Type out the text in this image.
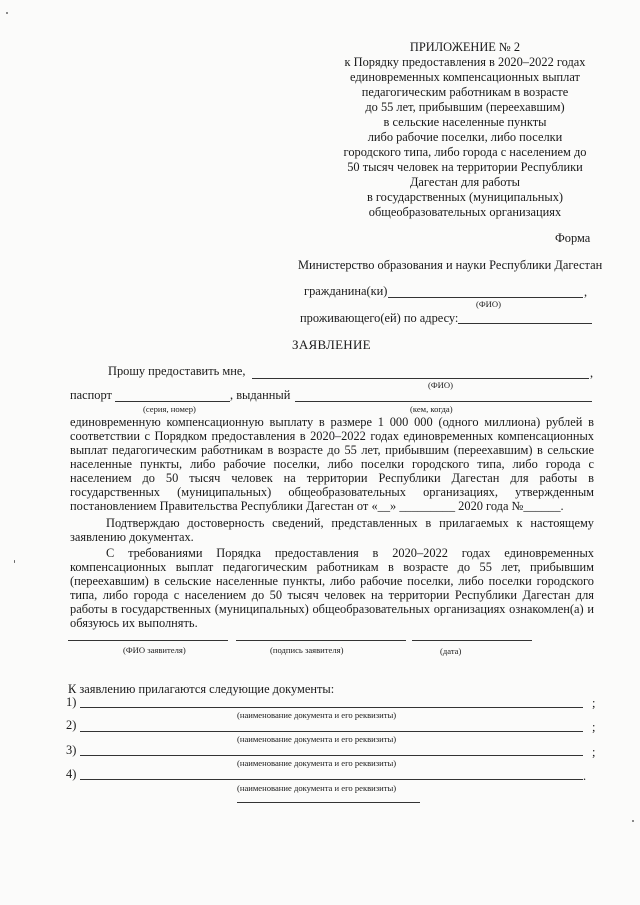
ПРИЛОЖЕНИЕ № 2
к Порядку предоставления в 2020–2022 годах
единовременных компенсационных выплат
педагогическим работникам в возрасте
до 55 лет, прибывшим (переехавшим)
в сельские населенные пункты
либо рабочие поселки, либо поселки
городского типа, либо города с населением до
50 тысяч человек на территории Республики
Дагестан для работы
в государственных (муниципальных)
общеобразовательных организациях
Форма
Министерство образования и науки Республики Дагестан
гражданина(ки)	,
(ФИО)
проживающего(ей) по адресу:
ЗАЯВЛЕНИЕ
Прошу предоставить мне,	,
(ФИО)
паспорт	, выданный
(серия, номер)	(кем, когда)
единовременную компенсационную выплату в размере 1 000 000 (одного миллиона) рублей в
соответствии с Порядком предоставления в 2020–2022 годах единовременных компенсационных
выплат педагогическим работникам в возрасте до 55 лет, прибывшим (переехавшим) в сельские
населенные пункты, либо рабочие поселки, либо поселки городского типа, либо города с
населением до 50 тысяч человек на территории Республики Дагестан для работы в
государственных (муниципальных) общеобразовательных организациях, утвержденным
постановлением Правительства Республики Дагестан от «__» _________ 2020 года №______.
Подтверждаю достоверность сведений, представленных в прилагаемых к настоящему
заявлению документах.
С требованиями Порядка предоставления в 2020–2022 годах единовременных
компенсационных выплат педагогическим работникам в возрасте до 55 лет, прибывшим
(переехавшим) в сельские населенные пункты, либо рабочие поселки, либо поселки городского
типа, либо города с населением до 50 тысяч человек на территории Республики Дагестан для
работы в государственных (муниципальных) общеобразовательных организациях ознакомлен(а) и
обязуюсь их выполнять.
(ФИО заявителя)	(подпись заявителя)	(дата)
К заявлению прилагаются следующие документы:
1)	;
(наименование документа и его реквизиты)
2)	;
(наименование документа и его реквизиты)
3)	;
(наименование документа и его реквизиты)
4)	.
(наименование документа и его реквизиты)
